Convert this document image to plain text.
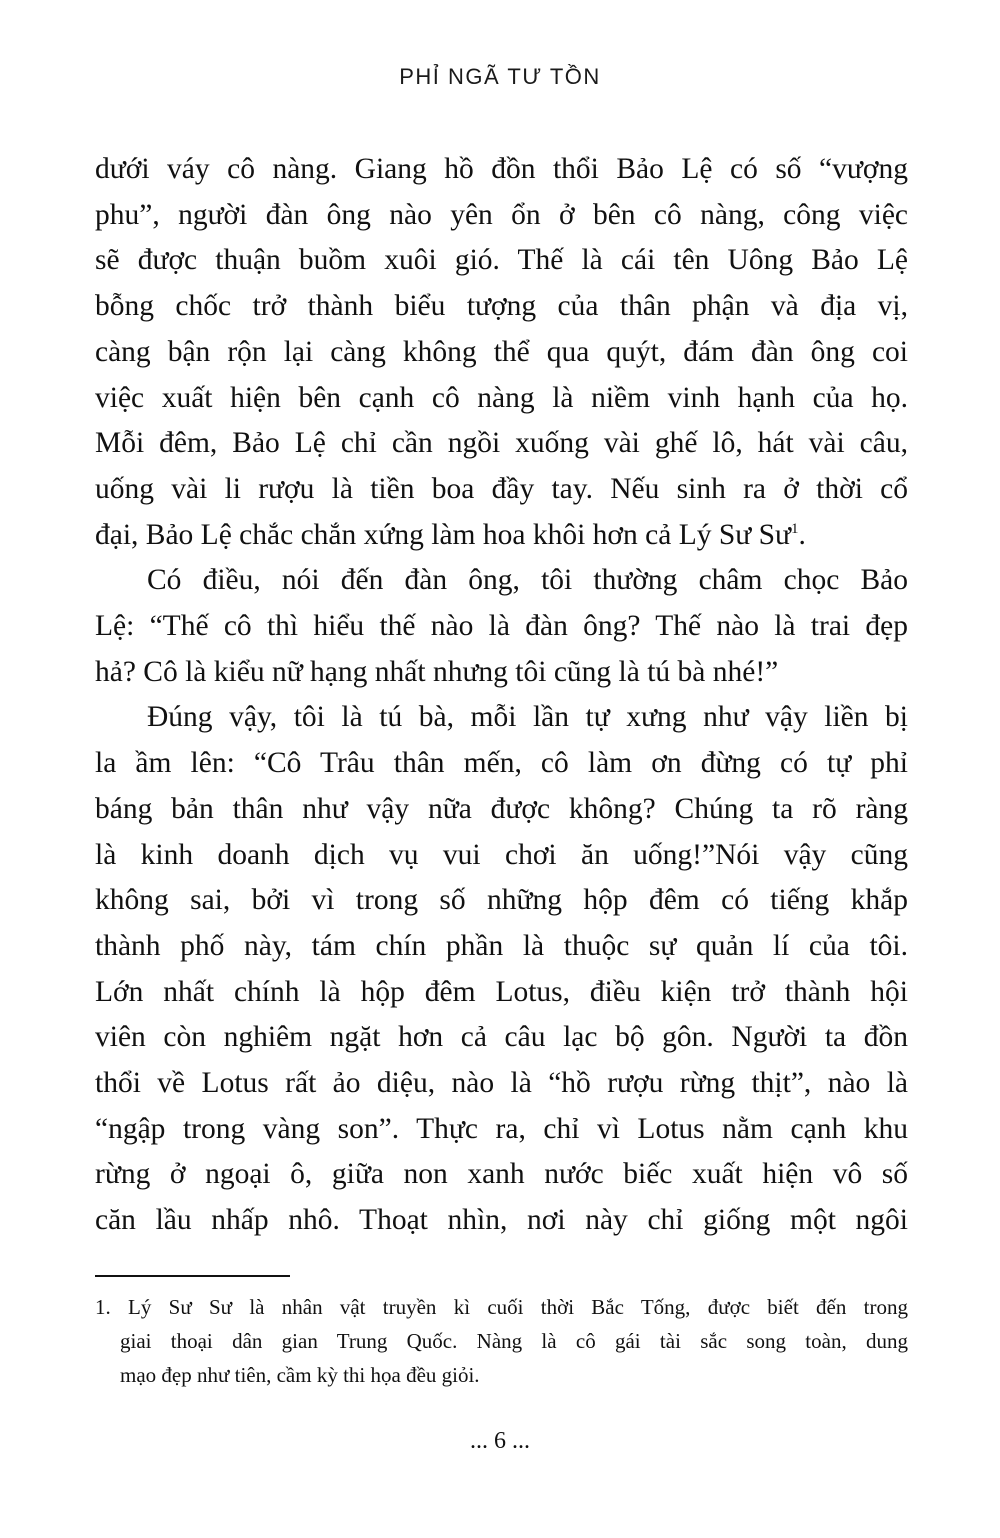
PHỈ NGÃ TƯ TỒN
dưới váy cô nàng. Giang hồ đồn thổi Bảo Lệ có số “vượng
phu”, người đàn ông nào yên ổn ở bên cô nàng, công việc
sẽ được thuận buồm xuôi gió. Thế là cái tên Uông Bảo Lệ
bỗng chốc trở thành biểu tượng của thân phận và địa vị,
càng bận rộn lại càng không thể qua quýt, đám đàn ông coi
việc xuất hiện bên cạnh cô nàng là niềm vinh hạnh của họ.
Mỗi đêm, Bảo Lệ chỉ cần ngồi xuống vài ghế lô, hát vài câu,
uống vài li rượu là tiền boa đầy tay. Nếu sinh ra ở thời cổ
đại, Bảo Lệ chắc chắn xứng làm hoa khôi hơn cả Lý Sư $Sư^1$.
Có điều, nói đến đàn ông, tôi thường châm chọc Bảo
Lệ: “Thế cô thì hiểu thế nào là đàn ông? Thế nào là trai đẹp
hả? Cô là kiểu nữ hạng nhất nhưng tôi cũng là tú bà nhé!”
Đúng vậy, tôi là tú bà, mỗi lần tự xưng như vậy liền bị
la ầm lên: “Cô Trâu thân mến, cô làm ơn đừng có tự phỉ
báng bản thân như vậy nữa được không? Chúng ta rõ ràng
là kinh doanh dịch vụ vui chơi ăn uống!”Nói vậy cũng
không sai, bởi vì trong số những hộp đêm có tiếng khắp
thành phố này, tám chín phần là thuộc sự quản lí của tôi.
Lớn nhất chính là hộp đêm Lotus, điều kiện trở thành hội
viên còn nghiêm ngặt hơn cả câu lạc bộ gôn. Người ta đồn
thổi về Lotus rất ảo diệu, nào là “hồ rượu rừng thịt”, nào là
“ngập trong vàng son”. Thực ra, chỉ vì Lotus nằm cạnh khu
rừng ở ngoại ô, giữa non xanh nước biếc xuất hiện vô số
căn lầu nhấp nhô. Thoạt nhìn, nơi này chỉ giống một ngôi
1. Lý Sư Sư là nhân vật truyền kì cuối thời Bắc Tống, được biết đến trong
giai thoại dân gian Trung Quốc. Nàng là cô gái tài sắc song toàn, dung
mạo đẹp như tiên, cầm kỳ thi họa đều giỏi.
... 6 ...
